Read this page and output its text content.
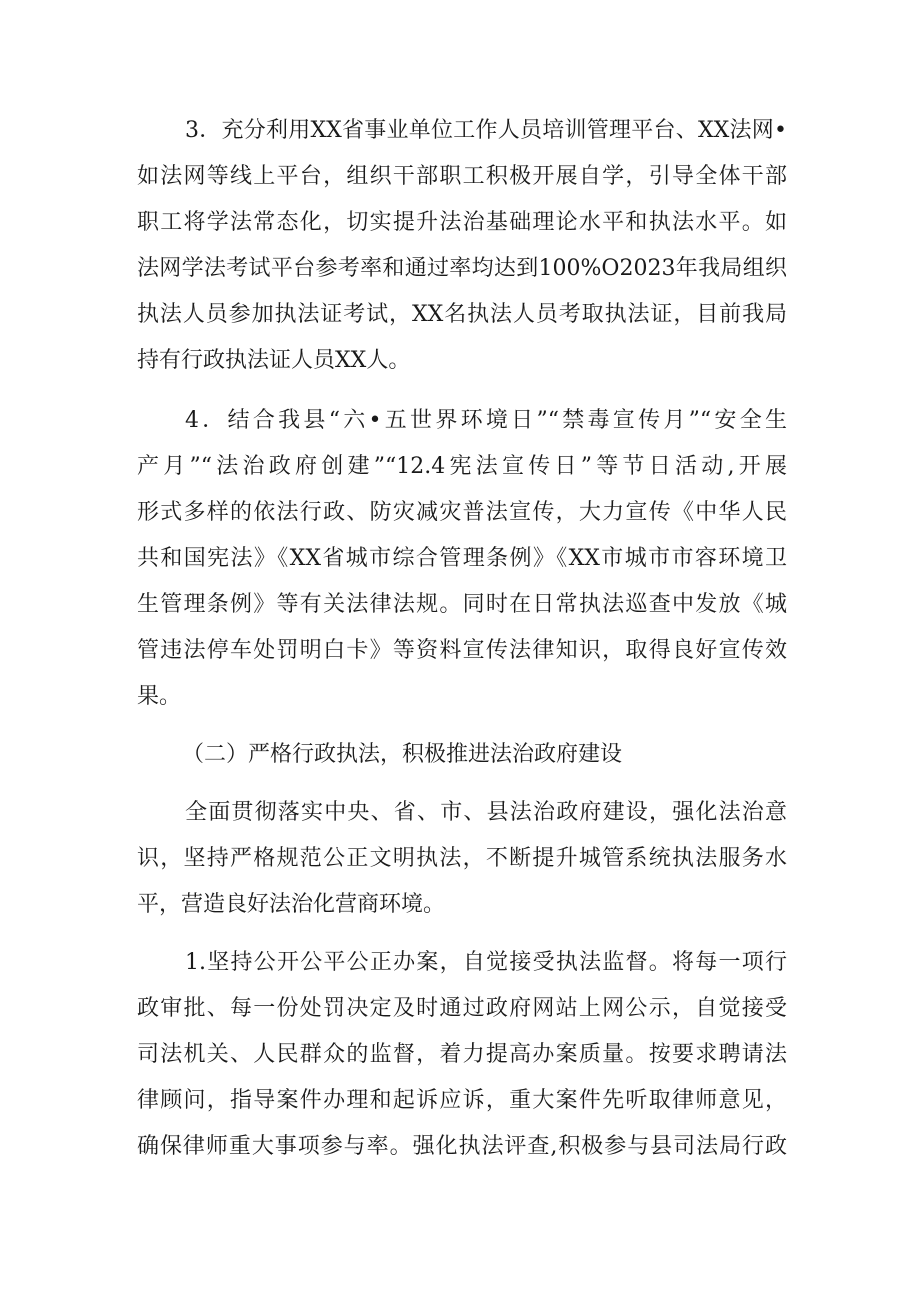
3．充分利用XX省事业单位工作人员培训管理平台、XX法网•
如法网等线上平台，组织干部职工积极开展自学，引导全体干部
职工将学法常态化，切实提升法治基础理论水平和执法水平。如
法网学法考试平台参考率和通过率均达到100%O2023年我局组织
执法人员参加执法证考试，XX名执法人员考取执法证，目前我局
持有行政执法证人员XX人。
4．结合我县“六•五世界环境日”“禁毒宣传月”“安全生
产月”“法治政府创建”“12.4宪法宣传日”等节日活动,开展
形式多样的依法行政、防灾减灾普法宣传，大力宣传《中华人民
共和国宪法》《XX省城市综合管理条例》《XX市城市市容环境卫
生管理条例》等有关法律法规。同时在日常执法巡查中发放《城
管违法停车处罚明白卡》等资料宣传法律知识，取得良好宣传效
果。
（二）严格行政执法，积极推进法治政府建设
全面贯彻落实中央、省、市、县法治政府建设，强化法治意
识，坚持严格规范公正文明执法，不断提升城管系统执法服务水
平，营造良好法治化营商环境。
1.坚持公开公平公正办案，自觉接受执法监督。将每一项行
政审批、每一份处罚决定及时通过政府网站上网公示，自觉接受
司法机关、人民群众的监督，着力提高办案质量。按要求聘请法
律顾问，指导案件办理和起诉应诉，重大案件先听取律师意见，
确保律师重大事项参与率。强化执法评查,积极参与县司法局行政
